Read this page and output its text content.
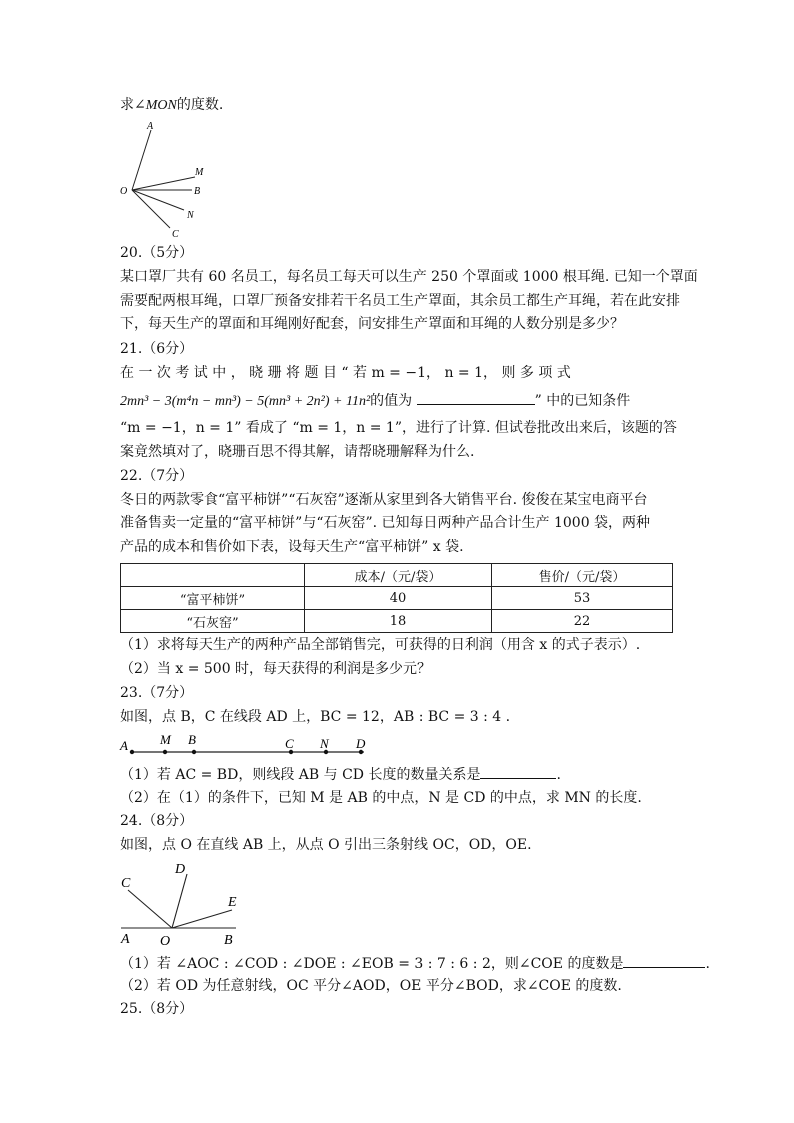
求∠MON的度数.
A
M
O	B
N
C
20.（5分）
某口罩厂共有 60 名员工，每名员工每天可以生产 250 个罩面或 1000 根耳绳. 已知一个罩面
需要配两根耳绳，口罩厂预备安排若干名员工生产罩面，其余员工都生产耳绳，若在此安排
下，每天生产的罩面和耳绳刚好配套，问安排生产罩面和耳绳的人数分别是多少？
21.（6分）
在 一 次 考 试 中 ， 晓 珊 将 题 目 “ 若 m = −1， n = 1， 则 多 项 式
2mn³ − 3(m⁴n − mn³) − 5(mn³ + 2n²) + 11n²的值为	” 中的已知条件
“m = −1，n = 1” 看成了 “m = 1，n = 1”，进行了计算. 但试卷批改出来后，该题的答
案竟然填对了，晓珊百思不得其解，请帮晓珊解释为什么.
22.（7分）
冬日的两款零食“富平柿饼”“石灰窑”逐渐从家里到各大销售平台. 俊俊在某宝电商平台
准备售卖一定量的“富平柿饼”与“石灰窑”. 已知每日两种产品合计生产 1000 袋，两种
产品的成本和售价如下表，设每天生产“富平柿饼” x 袋.
	成本/（元/袋）	售价/（元/袋）
“富平柿饼”	40	53
“石灰窑”	18	22
（1）求将每天生产的两种产品全部销售完，可获得的日利润（用含 x 的式子表示）.
（2）当 x = 500 时，每天获得的利润是多少元？
23.（7分）
如图，点 B，C 在线段 AD 上，BC = 12，AB : BC = 3 : 4 .
A M B	C N D
（1）若 AC = BD，则线段 AB 与 CD 长度的数量关系是	.
（2）在（1）的条件下，已知 M 是 AB 的中点，N 是 CD 的中点，求 MN 的长度.
24.（8分）
如图，点 O 在直线 AB 上，从点 O 引出三条射线 OC，OD，OE.
C
D
E
A O	B
（1）若 ∠AOC : ∠COD : ∠DOE : ∠EOB = 3 : 7 : 6 : 2，则∠COE 的度数是	.
（2）若 OD 为任意射线，OC 平分∠AOD，OE 平分∠BOD，求∠COE 的度数.
25.（8分）
